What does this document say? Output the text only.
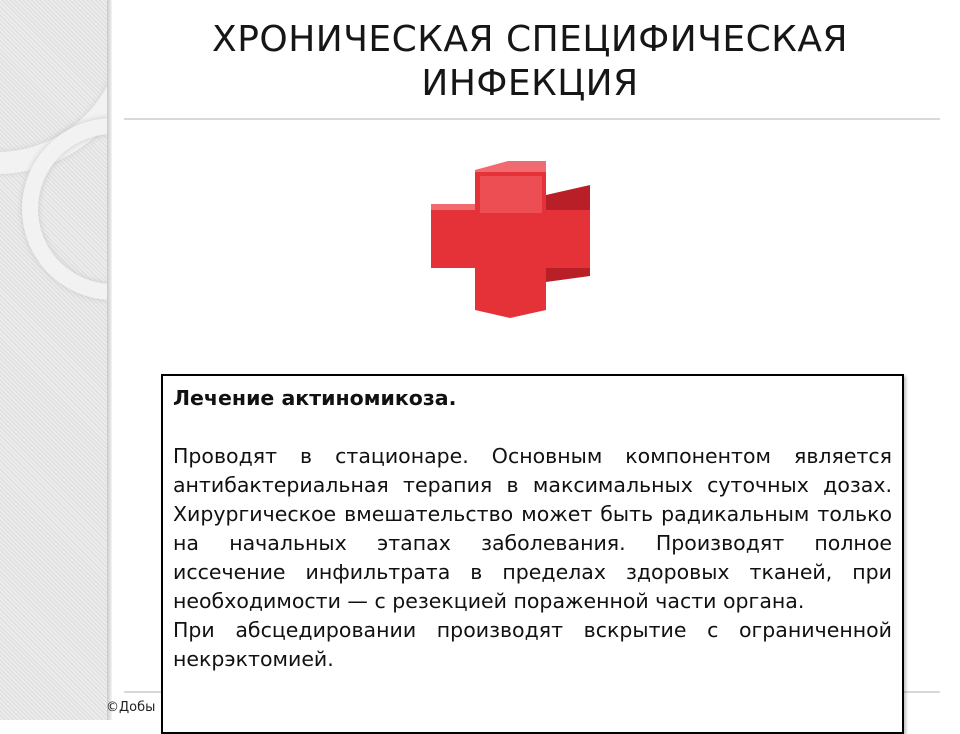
ХРОНИЧЕСКАЯ СПЕЦИФИЧЕСКАЯ
ИНФЕКЦИЯ

Лечение актиномикоза.

Проводят в стационаре. Основным компонентом является антибактериальная терапия в максимальных суточных дозах. Хирургическое вмешательство может быть радикальным только на начальных этапах заболевания. Производят полное иссечение инфильтрата в пределах здоровых тканей, при необходимости — с резекцией пораженной части органа.

При абсцедировании производят вскрытие с ограниченной некрэктомией.

©Добы
